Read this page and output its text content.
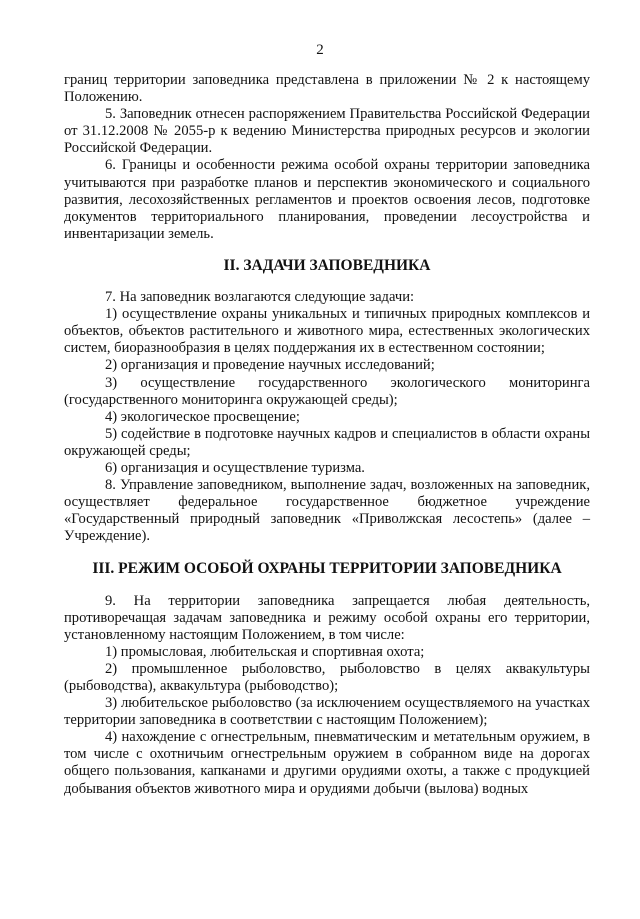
2

границ территории заповедника представлена в приложении № 2 к настоящему Положению.

5. Заповедник отнесен распоряжением Правительства Российской Федерации от 31.12.2008 № 2055-р к ведению Министерства природных ресурсов и экологии Российской Федерации.

6. Границы и особенности режима особой охраны территории заповедника учитываются при разработке планов и перспектив экономического и социального развития, лесохозяйственных регламентов и проектов освоения лесов, подготовке документов территориального планирования, проведении лесоустройства и инвентаризации земель.

II. ЗАДАЧИ ЗАПОВЕДНИКА

7. На заповедник возлагаются следующие задачи:

1) осуществление охраны уникальных и типичных природных комплексов и объектов, объектов растительного и животного мира, естественных экологических систем, биоразнообразия в целях поддержания их в естественном состоянии;

2) организация и проведение научных исследований;

3) осуществление государственного экологического мониторинга (государственного мониторинга окружающей среды);

4) экологическое просвещение;

5) содействие в подготовке научных кадров и специалистов в области охраны окружающей среды;

6) организация и осуществление туризма.

8. Управление заповедником, выполнение задач, возложенных на заповедник, осуществляет федеральное государственное бюджетное учреждение «Государственный природный заповедник «Приволжская лесостепь» (далее – Учреждение).

III. РЕЖИМ ОСОБОЙ ОХРАНЫ ТЕРРИТОРИИ ЗАПОВЕДНИКА

9. На территории заповедника запрещается любая деятельность, противоречащая задачам заповедника и режиму особой охраны его территории, установленному настоящим Положением, в том числе:

1) промысловая, любительская и спортивная охота;

2) промышленное рыболовство, рыболовство в целях аквакультуры (рыбоводства), аквакультура (рыбоводство);

3) любительское рыболовство (за исключением осуществляемого на участках территории заповедника в соответствии с настоящим Положением);

4) нахождение с огнестрельным, пневматическим и метательным оружием, в том числе с охотничьим огнестрельным оружием в собранном виде на дорогах общего пользования, капканами и другими орудиями охоты, а также с продукцией добывания объектов животного мира и орудиями добычи (вылова) водных
